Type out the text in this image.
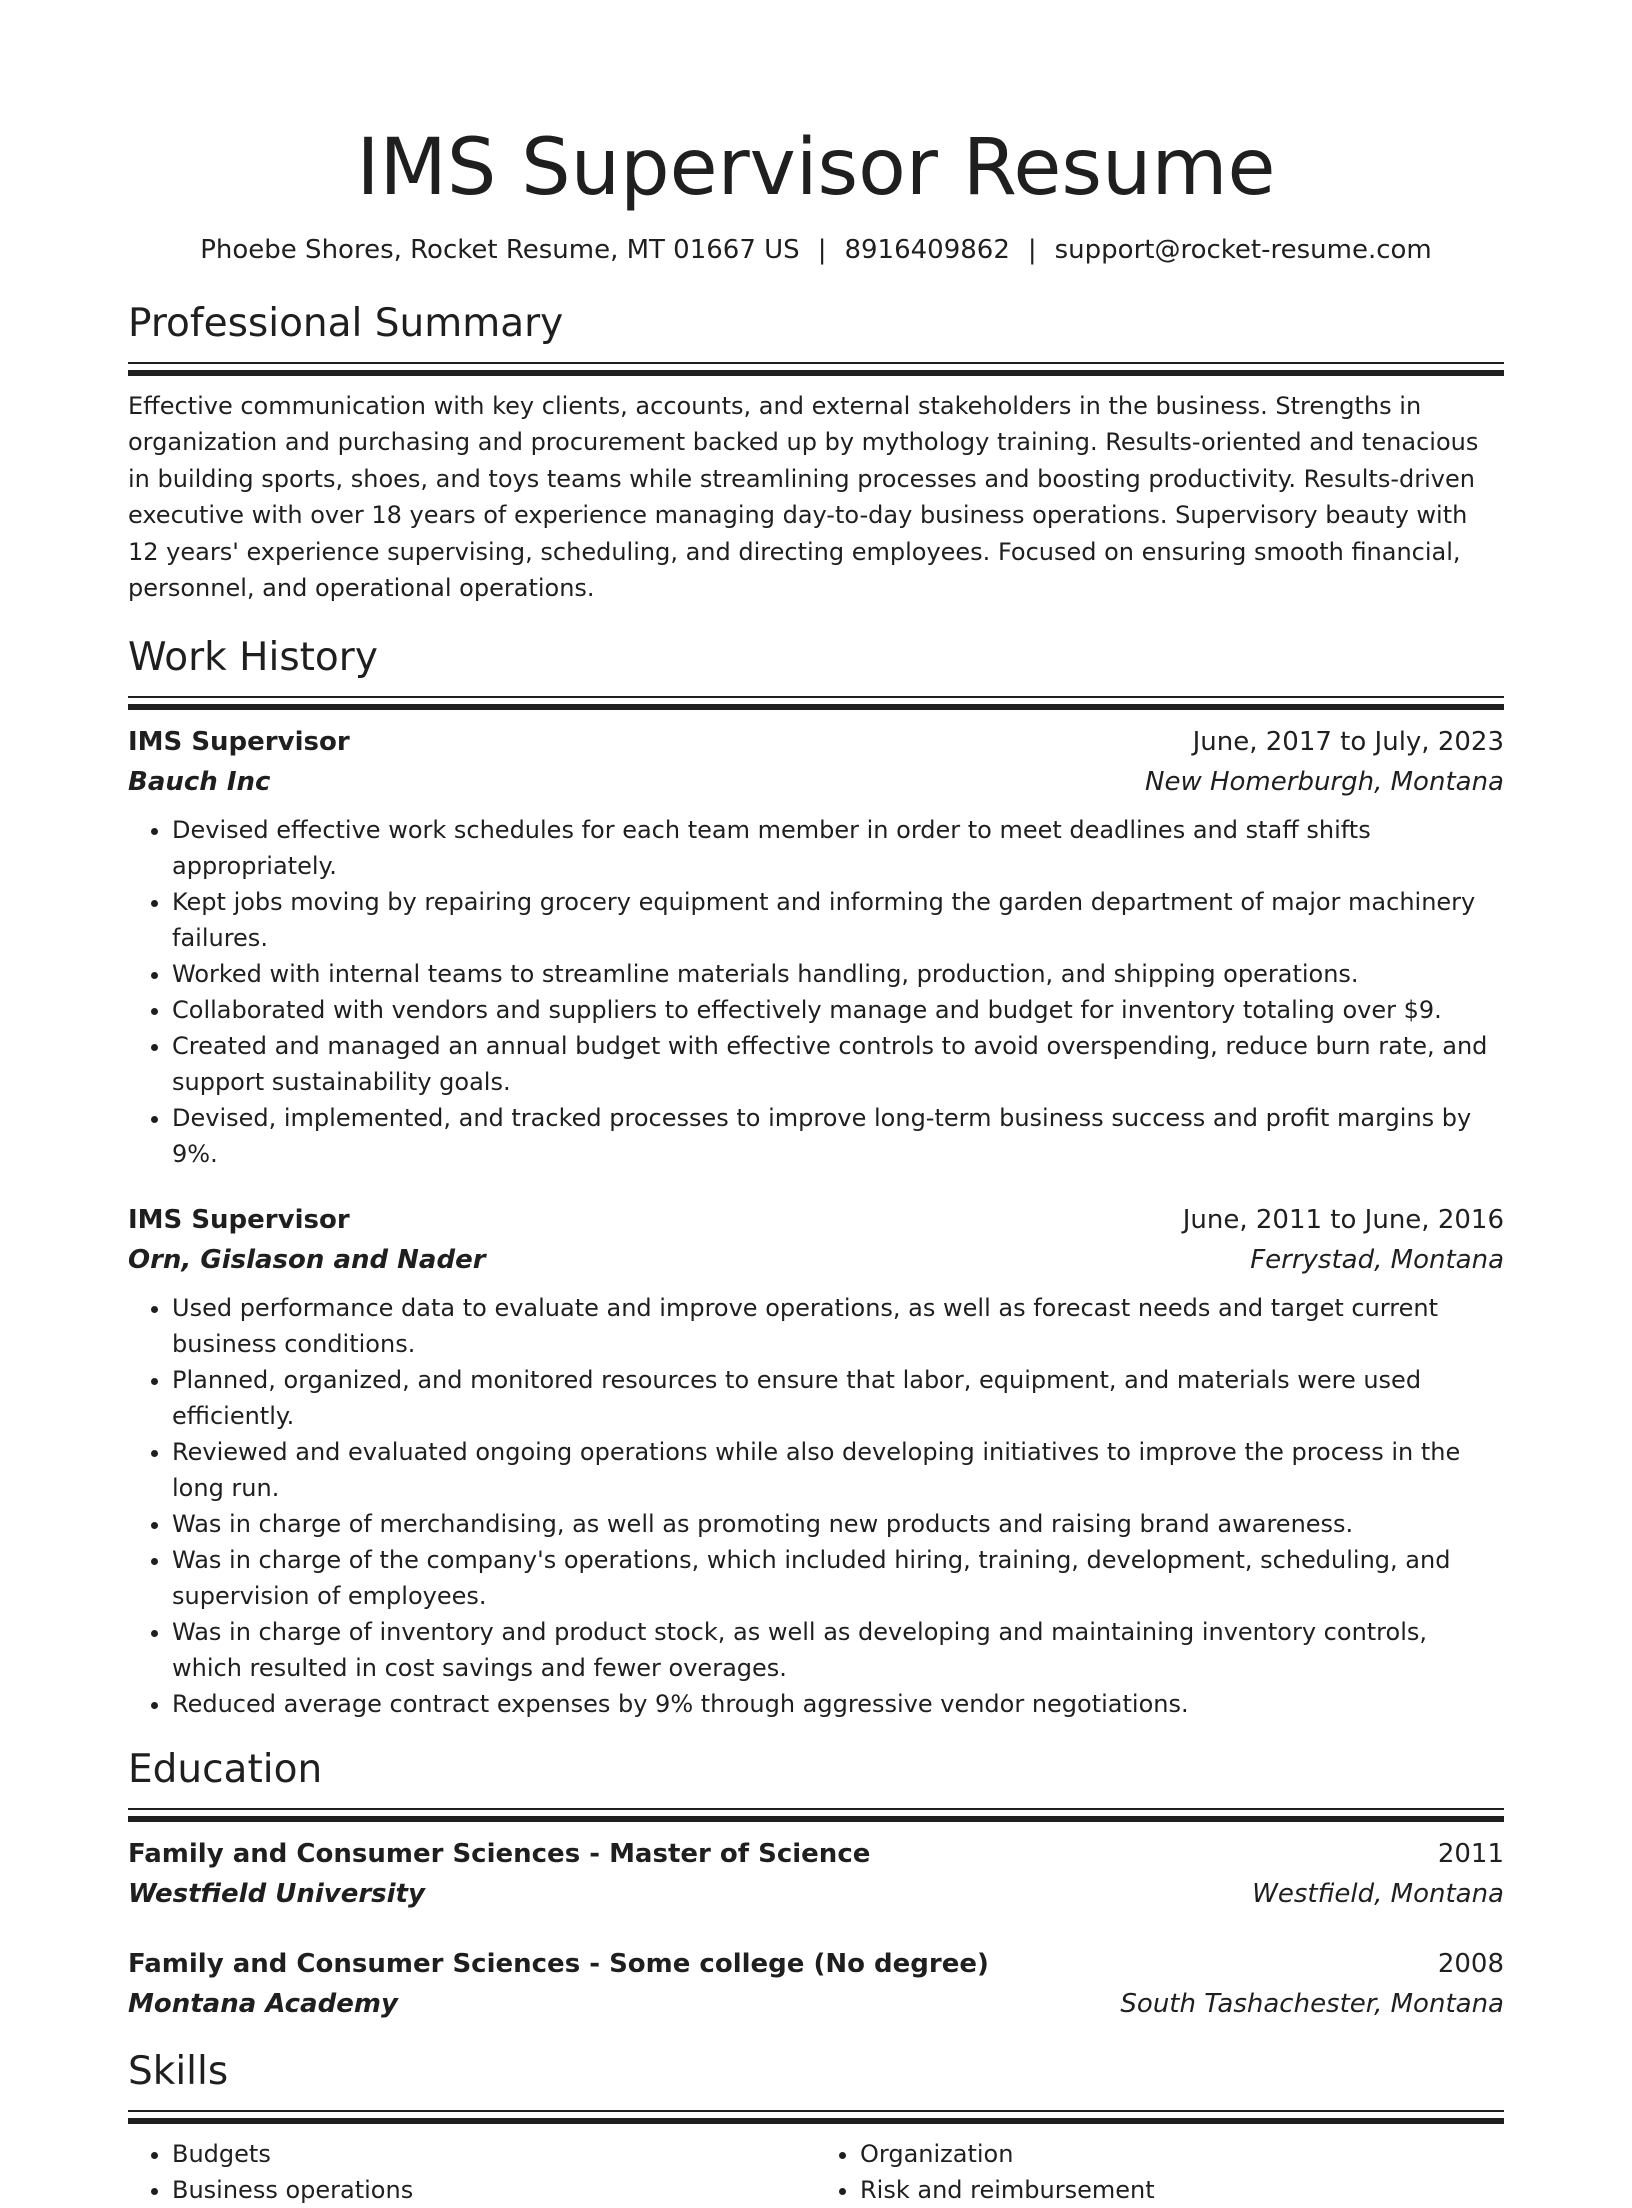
IMS Supervisor Resume
Phoebe Shores, Rocket Resume, MT 01667 US | 8916409862 | support@rocket-resume.com
Professional Summary

Effective communication with key clients, accounts, and external stakeholders in the business. Strengths in organization and purchasing and procurement backed up by mythology training. Results-oriented and tenacious in building sports, shoes, and toys teams while streamlining processes and boosting productivity. Results-driven executive with over 18 years of experience managing day-to-day business operations. Supervisory beauty with 12 years' experience supervising, scheduling, and directing employees. Focused on ensuring smooth financial, personnel, and operational operations.

Work History
IMS Supervisor	June, 2017 to July, 2023
Bauch Inc	New Homerburgh, Montana
• Devised effective work schedules for each team member in order to meet deadlines and staff shifts appropriately.
• Kept jobs moving by repairing grocery equipment and informing the garden department of major machinery failures.
• Worked with internal teams to streamline materials handling, production, and shipping operations.
• Collaborated with vendors and suppliers to effectively manage and budget for inventory totaling over $9.
• Created and managed an annual budget with effective controls to avoid overspending, reduce burn rate, and support sustainability goals.
• Devised, implemented, and tracked processes to improve long-term business success and profit margins by 9%.
IMS Supervisor	June, 2011 to June, 2016
Orn, Gislason and Nader	Ferrystad, Montana
• Used performance data to evaluate and improve operations, as well as forecast needs and target current business conditions.
• Planned, organized, and monitored resources to ensure that labor, equipment, and materials were used efficiently.
• Reviewed and evaluated ongoing operations while also developing initiatives to improve the process in the long run.
• Was in charge of merchandising, as well as promoting new products and raising brand awareness.
• Was in charge of the company's operations, which included hiring, training, development, scheduling, and supervision of employees.
• Was in charge of inventory and product stock, as well as developing and maintaining inventory controls, which resulted in cost savings and fewer overages.
• Reduced average contract expenses by 9% through aggressive vendor negotiations.
Education
Family and Consumer Sciences - Master of Science	2011
Westfield University	Westfield, Montana
Family and Consumer Sciences - Some college (No degree)	2008
Montana Academy	South Tashachester, Montana
Skills
• Budgets
• Business operations
• Organization
• Risk and reimbursement
